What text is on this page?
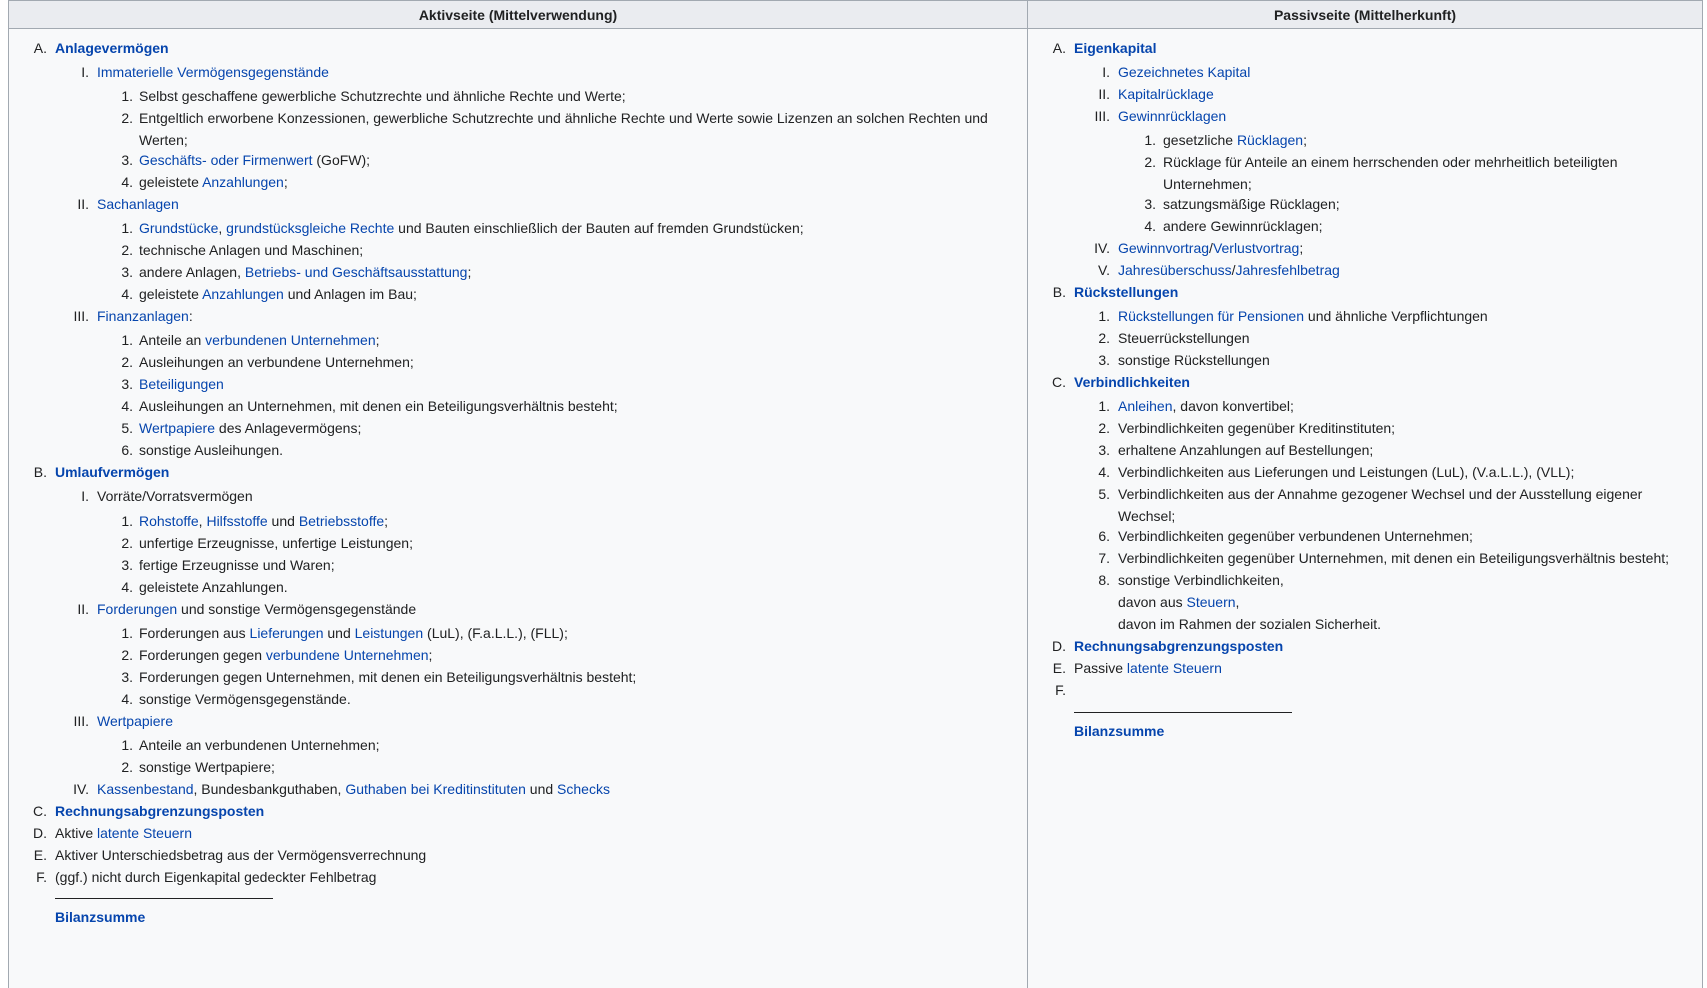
Aktivseite (Mittelverwendung)
A. Anlagevermögen
I. Immaterielle Vermögensgegenstände
1. Selbst geschaffene gewerbliche Schutzrechte und ähnliche Rechte und Werte;
2. Entgeltlich erworbene Konzessionen, gewerbliche Schutzrechte und ähnliche Rechte und Werte sowie Lizenzen an solchen Rechten und Werten;
3. Geschäfts- oder Firmenwert (GoFW);
4. geleistete Anzahlungen;
II. Sachanlagen
1. Grundstücke, grundstücksgleiche Rechte und Bauten einschließlich der Bauten auf fremden Grundstücken;
2. technische Anlagen und Maschinen;
3. andere Anlagen, Betriebs- und Geschäftsausstattung;
4. geleistete Anzahlungen und Anlagen im Bau;
III. Finanzanlagen:
1. Anteile an verbundenen Unternehmen;
2. Ausleihungen an verbundene Unternehmen;
3. Beteiligungen
4. Ausleihungen an Unternehmen, mit denen ein Beteiligungsverhältnis besteht;
5. Wertpapiere des Anlagevermögens;
6. sonstige Ausleihungen.
B. Umlaufvermögen
I. Vorräte/Vorratsvermögen
1. Rohstoffe, Hilfsstoffe und Betriebsstoffe;
2. unfertige Erzeugnisse, unfertige Leistungen;
3. fertige Erzeugnisse und Waren;
4. geleistete Anzahlungen.
II. Forderungen und sonstige Vermögensgegenstände
1. Forderungen aus Lieferungen und Leistungen (LuL), (F.a.L.L.), (FLL);
2. Forderungen gegen verbundene Unternehmen;
3. Forderungen gegen Unternehmen, mit denen ein Beteiligungsverhältnis besteht;
4. sonstige Vermögensgegenstände.
III. Wertpapiere
1. Anteile an verbundenen Unternehmen;
2. sonstige Wertpapiere;
IV. Kassenbestand, Bundesbankguthaben, Guthaben bei Kreditinstituten und Schecks
C. Rechnungsabgrenzungsposten
D. Aktive latente Steuern
E. Aktiver Unterschiedsbetrag aus der Vermögensverrechnung
F. (ggf.) nicht durch Eigenkapital gedeckter Fehlbetrag
Bilanzsumme
Passivseite (Mittelherkunft)
A. Eigenkapital
I. Gezeichnetes Kapital
II. Kapitalrücklage
III. Gewinnrücklagen
1. gesetzliche Rücklagen;
2. Rücklage für Anteile an einem herrschenden oder mehrheitlich beteiligten Unternehmen;
3. satzungsmäßige Rücklagen;
4. andere Gewinnrücklagen;
IV. Gewinnvortrag/Verlustvortrag;
V. Jahresüberschuss/Jahresfehlbetrag
B. Rückstellungen
1. Rückstellungen für Pensionen und ähnliche Verpflichtungen
2. Steuerrückstellungen
3. sonstige Rückstellungen
C. Verbindlichkeiten
1. Anleihen, davon konvertibel;
2. Verbindlichkeiten gegenüber Kreditinstituten;
3. erhaltene Anzahlungen auf Bestellungen;
4. Verbindlichkeiten aus Lieferungen und Leistungen (LuL), (V.a.L.L.), (VLL);
5. Verbindlichkeiten aus der Annahme gezogener Wechsel und der Ausstellung eigener Wechsel;
6. Verbindlichkeiten gegenüber verbundenen Unternehmen;
7. Verbindlichkeiten gegenüber Unternehmen, mit denen ein Beteiligungsverhältnis besteht;
8. sonstige Verbindlichkeiten,
davon aus Steuern,
davon im Rahmen der sozialen Sicherheit.
D. Rechnungsabgrenzungsposten
E. Passive latente Steuern
F.
Bilanzsumme
